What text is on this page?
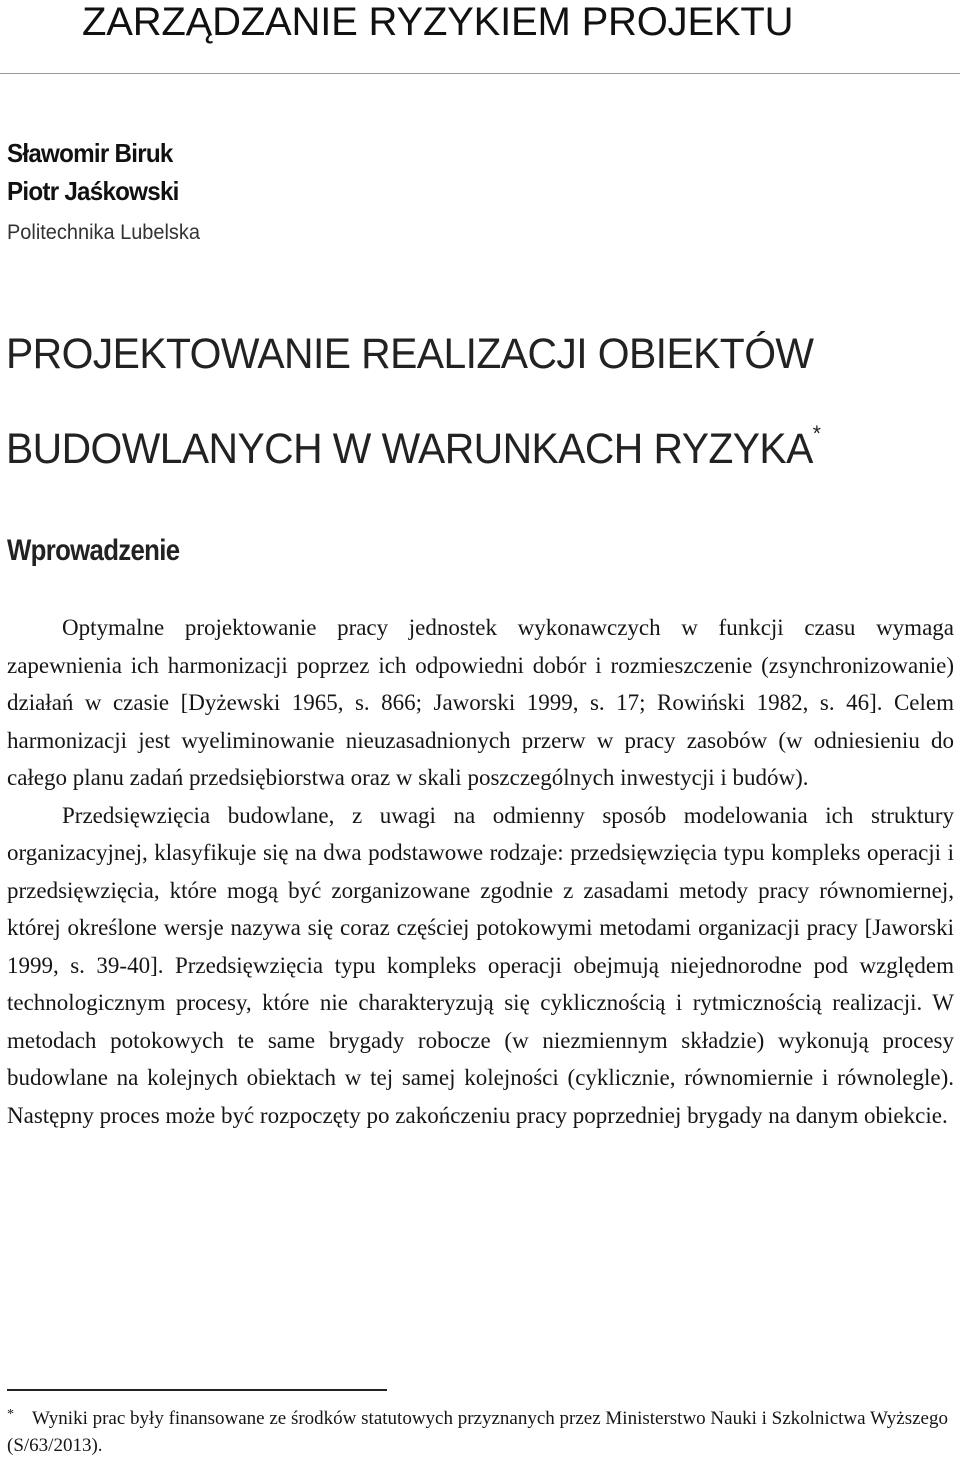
ZARZĄDZANIE RYZYKIEM PROJEKTU
Sławomir Biruk
Piotr Jaśkowski
Politechnika Lubelska
PROJEKTOWANIE REALIZACJI OBIEKTÓW
BUDOWLANYCH W WARUNKACH RYZYKA*
Wprowadzenie

Optymalne projektowanie pracy jednostek wykonawczych w funkcji czasu wymaga zapewnienia ich harmonizacji poprzez ich odpowiedni dobór i rozmieszczenie (zsynchronizowanie) działań w czasie [Dyżewski 1965, s. 866; Jaworski 1999, s. 17; Rowiński 1982, s. 46]. Celem harmonizacji jest wyeliminowanie nieuzasadnionych przerw w pracy zasobów (w odniesieniu do całego planu zadań przedsiębiorstwa oraz w skali poszczególnych inwestycji i budów).

Przedsięwzięcia budowlane, z uwagi na odmienny sposób modelowania ich struktury organizacyjnej, klasyfikuje się na dwa podstawowe rodzaje: przedsięwzięcia typu kompleks operacji i przedsięwzięcia, które mogą być zorganizowane zgodnie z zasadami metody pracy równomiernej, której określone wersje nazywa się coraz częściej potokowymi metodami organizacji pracy [Jaworski 1999, s. 39-40]. Przedsięwzięcia typu kompleks operacji obejmują niejednorodne pod względem technologicznym procesy, które nie charakteryzują się cyklicznością i rytmicznością realizacji. W metodach potokowych te same brygady robocze (w niezmiennym składzie) wykonują procesy budowlane na kolejnych obiektach w tej samej kolejności (cyklicznie, równomiernie i równolegle). Następny proces może być rozpoczęty po zakończeniu pracy poprzedniej brygady na danym obiekcie.

* Wyniki prac były finansowane ze środków statutowych przyznanych przez Ministerstwo Nauki i Szkolnictwa Wyższego (S/63/2013).
